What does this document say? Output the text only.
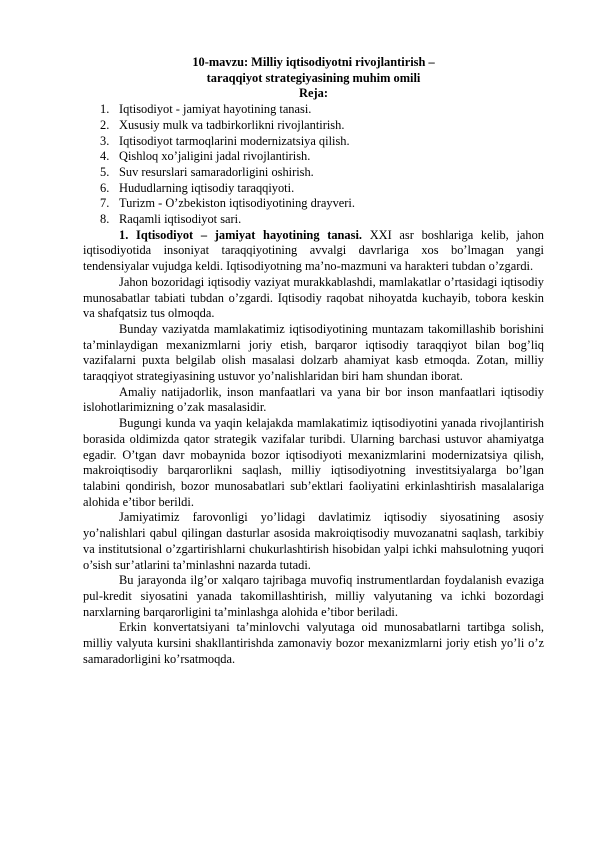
10-mavzu: Milliy iqtisodiyotni rivojlantirish –
taraqqiyot strategiyasining muhim omili
Reja:
1. Iqtisodiyot - jamiyat hayotining tanasi.
2. Xususiy mulk va tadbirkorlikni rivojlantirish.
3. Iqtisodiyot tarmoqlarini modernizatsiya qilish.
4. Qishloq xo’jaligini jadal rivojlantirish.
5. Suv resurslari samaradorligini oshirish.
6. Hududlarning iqtisodiy taraqqiyoti.
7. Turizm - O’zbekiston iqtisodiyotining drayveri.
8. Raqamli iqtisodiyot sari.

1. Iqtisodiyot – jamiyat hayotining tanasi. XXI asr boshlariga kelib, jahon iqtisodiyotida insoniyat taraqqiyotining avvalgi davrlariga xos bo’lmagan yangi tendensiyalar vujudga keldi. Iqtisodiyotning ma’no-mazmuni va harakteri tubdan o’zgardi.

Jahon bozoridagi iqtisodiy vaziyat murakkablashdi, mamlakatlar o’rtasidagi iqtisodiy munosabatlar tabiati tubdan o’zgardi. Iqtisodiy raqobat nihoyatda kuchayib, tobora keskin va shafqatsiz tus olmoqda.

Bunday vaziyatda mamlakatimiz iqtisodiyotining muntazam takomillashib borishini ta’minlaydigan mexanizmlarni joriy etish, barqaror iqtisodiy taraqqiyot bilan bog’liq vazifalarni puxta belgilab olish masalasi dolzarb ahamiyat kasb etmoqda. Zotan, milliy taraqqiyot strategiyasining ustuvor yo’nalishlaridan biri ham shundan iborat.

Amaliy natijadorlik, inson manfaatlari va yana bir bor inson manfaatlari iqtisodiy islohotlarimizning o’zak masalasidir.

Bugungi kunda va yaqin kelajakda mamlakatimiz iqtisodiyotini yanada rivojlantirish borasida oldimizda qator strategik vazifalar turibdi. Ularning barchasi ustuvor ahamiyatga egadir. O’tgan davr mobaynida bozor iqtisodiyoti mexanizmlarini modernizatsiya qilish, makroiqtisodiy barqarorlikni saqlash, milliy iqtisodiyotning investitsiyalarga bo’lgan talabini qondirish, bozor munosabatlari sub’ektlari faoliyatini erkinlashtirish masalalariga alohida e’tibor berildi.

Jamiyatimiz farovonligi yo’lidagi davlatimiz iqtisodiy siyosatining asosiy yo’nalishlari qabul qilingan dasturlar asosida makroiqtisodiy muvozanatni saqlash, tarkibiy va institutsional o’zgartirishlarni chukurlashtirish hisobidan yalpi ichki mahsulotning yuqori o’sish sur’atlarini ta’minlashni nazarda tutadi.

Bu jarayonda ilg’or xalqaro tajribaga muvofiq instrumentlardan foydalanish evaziga pul-kredit siyosatini yanada takomillashtirish, milliy valyutaning va ichki bozordagi narxlarning barqarorligini ta’minlashga alohida e’tibor beriladi.

Erkin konvertatsiyani ta’minlovchi valyutaga oid munosabatlarni tartibga solish, milliy valyuta kursini shakllantirishda zamonaviy bozor mexanizmlarni joriy etish yo’li o’z samaradorligini ko’rsatmoqda.
